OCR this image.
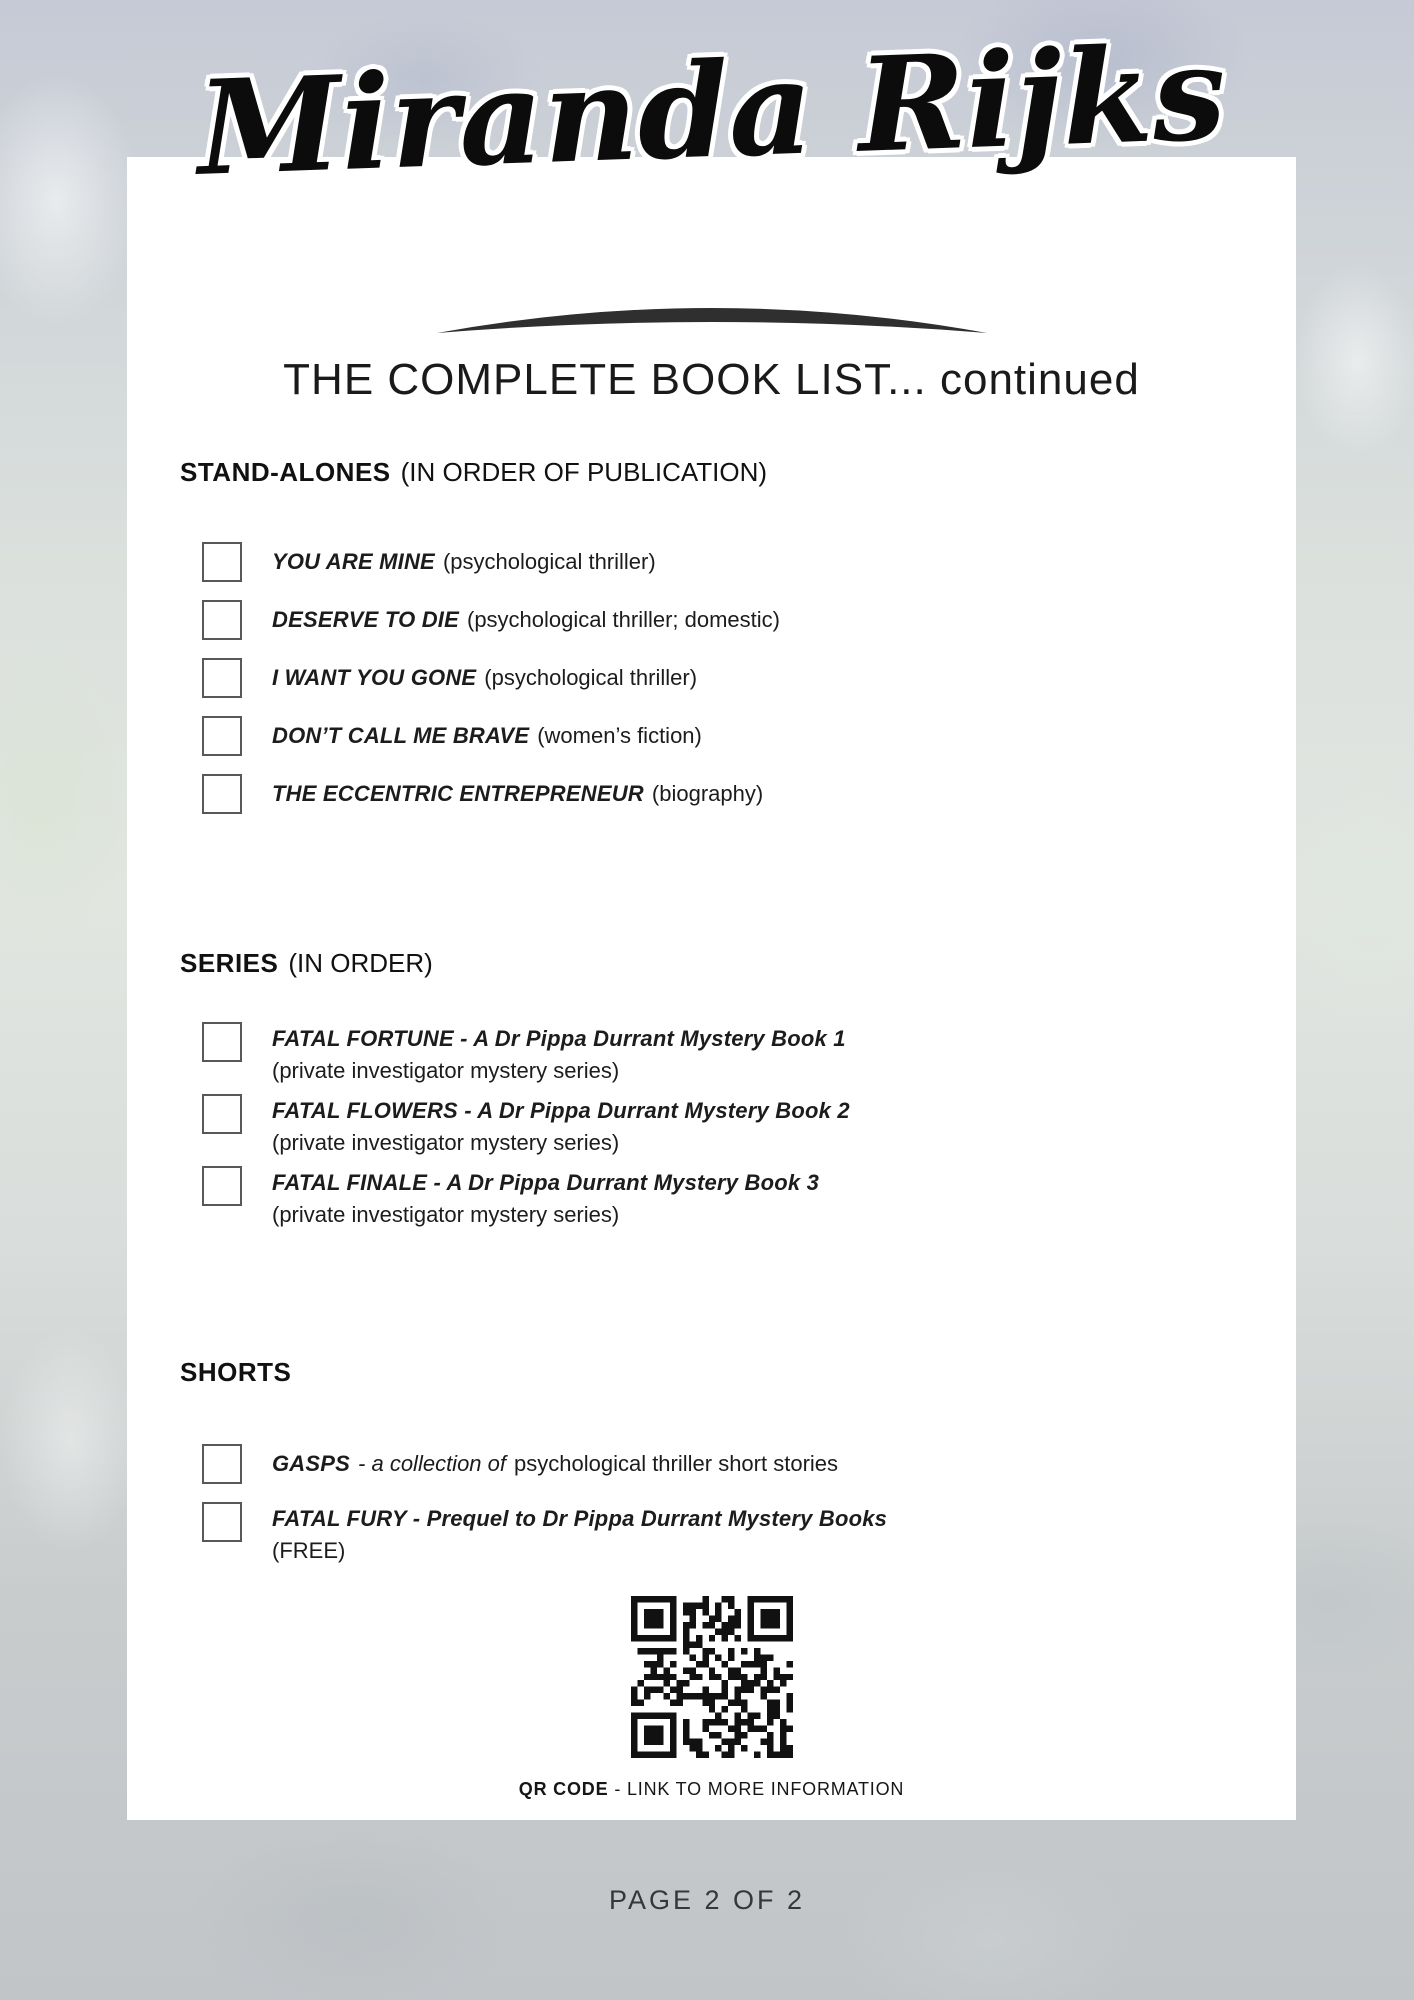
Miranda Rijks
THE COMPLETE BOOK LIST... continued
STAND-ALONES (IN ORDER OF PUBLICATION)
YOU ARE MINE (psychological thriller)
DESERVE TO DIE (psychological thriller; domestic)
I WANT YOU GONE (psychological thriller)
DON’T CALL ME BRAVE (women’s fiction)
THE ECCENTRIC ENTREPRENEUR (biography)
SERIES (IN ORDER)
FATAL FORTUNE - A Dr Pippa Durrant Mystery Book 1
(private investigator mystery series)
FATAL FLOWERS - A Dr Pippa Durrant Mystery Book 2
(private investigator mystery series)
FATAL FINALE - A Dr Pippa Durrant Mystery Book 3
(private investigator mystery series)
SHORTS
GASPS - a collection of psychological thriller short stories
FATAL FURY - Prequel to Dr Pippa Durrant Mystery Books
(FREE)
QR CODE - LINK TO MORE INFORMATION
PAGE 2 OF 2
